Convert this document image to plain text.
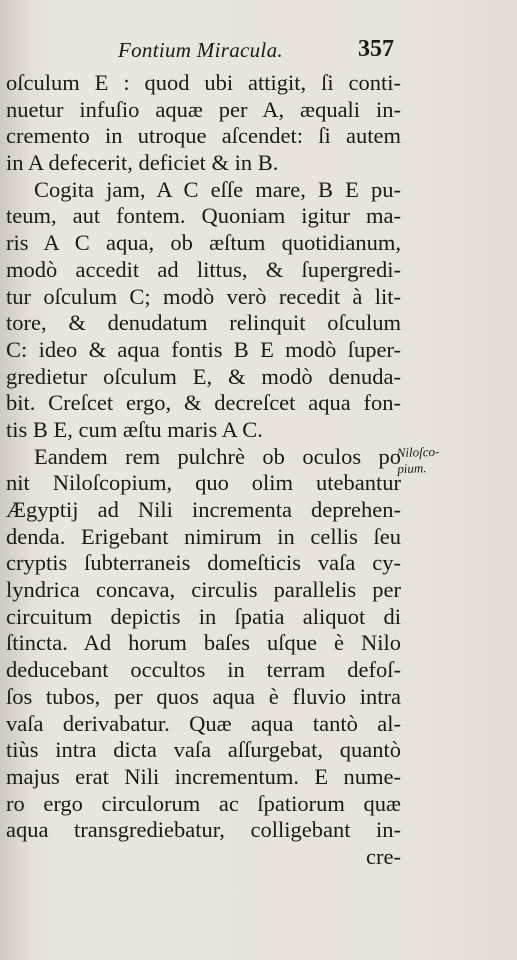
Fontium Miracula.	357
oſculum E : quod ubi attigit, ſi conti-
nuetur infuſio aquæ per A, æquali in-
cremento in utroque aſcendet: ſi autem
in A defecerit, deficiet & in B.
Cogita jam, A C eſſe mare, B E pu-
teum, aut fontem. Quoniam igitur ma-
ris A C aqua, ob æſtum quotidianum,
modò accedit ad littus, & ſupergredi-
tur oſculum C; modò verò recedit à lit-
tore, & denudatum relinquit oſculum
C: ideo & aqua fontis B E modò ſuper-
gredietur oſculum E, & modò denuda-
bit. Creſcet ergo, & decreſcet aqua fon-
tis B E, cum æſtu maris A C.
Eandem rem pulchrè ob oculos po
nit Niloſcopium, quo olim utebantur
Ægyptij ad Nili incrementa deprehen-
denda. Erigebant nimirum in cellis ſeu
cryptis ſubterraneis domeſticis vaſa cy-
lyndrica concava, circulis parallelis per
circuitum depictis in ſpatia aliquot di
ſtincta. Ad horum baſes uſque è Nilo
deducebant occultos in terram defoſ-
ſos tubos, per quos aqua è fluvio intra
vaſa derivabatur. Quæ aqua tantò al-
tiùs intra dicta vaſa aſſurgebat, quantò
majus erat Nili incrementum. E nume-
ro ergo circulorum ac ſpatiorum quæ
aqua transgrediebatur, colligebant in-
cre-
Niloſco-
pium.
